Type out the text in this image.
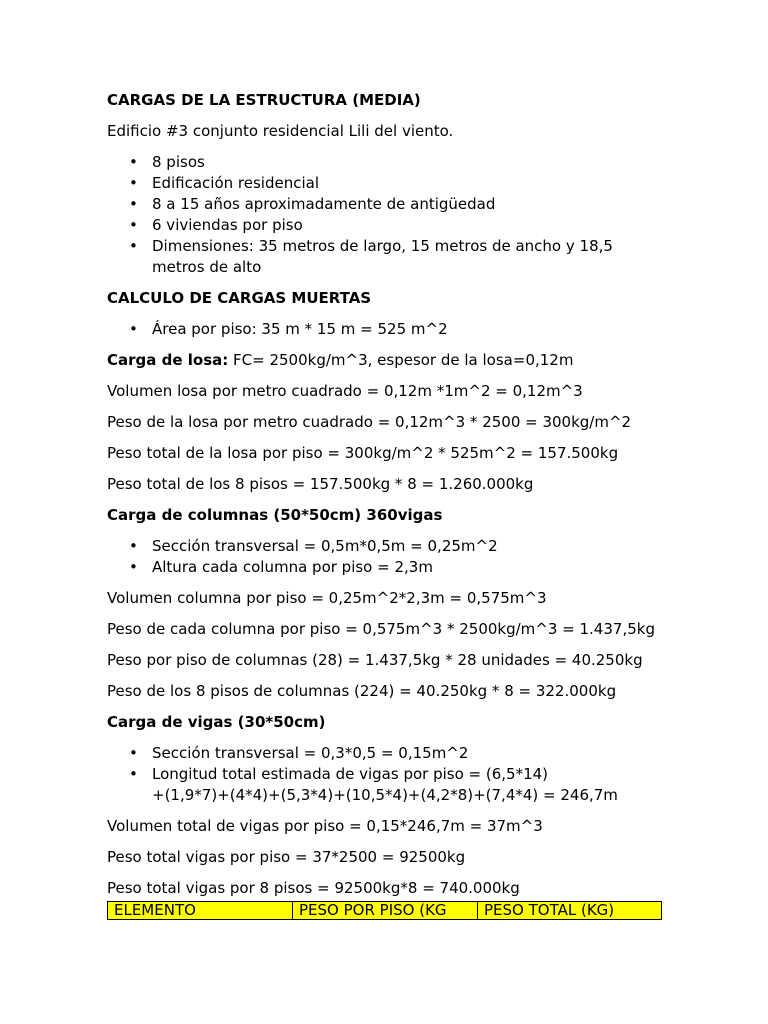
CARGAS DE LA ESTRUCTURA (MEDIA)

Edificio #3 conjunto residencial Lili del viento.

• 8 pisos
• Edificación residencial
• 8 a 15 años aproximadamente de antigüedad
• 6 viviendas por piso
• Dimensiones: 35 metros de largo, 15 metros de ancho y 18,5
metros de alto

CALCULO DE CARGAS MUERTAS

• Área por piso: 35 m * 15 m = 525 m^2

Carga de losa: FC= 2500kg/m^3, espesor de la losa=0,12m

Volumen losa por metro cuadrado = 0,12m *1m^2 = 0,12m^3

Peso de la losa por metro cuadrado = 0,12m^3 * 2500 = 300kg/m^2

Peso total de la losa por piso = 300kg/m^2 * 525m^2 = 157.500kg

Peso total de los 8 pisos = 157.500kg * 8 = 1.260.000kg

Carga de columnas (50*50cm) 360vigas

• Sección transversal = 0,5m*0,5m = 0,25m^2
• Altura cada columna por piso = 2,3m

Volumen columna por piso = 0,25m^2*2,3m = 0,575m^3

Peso de cada columna por piso = 0,575m^3 * 2500kg/m^3 = 1.437,5kg

Peso por piso de columnas (28) = 1.437,5kg * 28 unidades = 40.250kg

Peso de los 8 pisos de columnas (224) = 40.250kg * 8 = 322.000kg

Carga de vigas (30*50cm)

• Sección transversal = 0,3*0,5 = 0,15m^2
• Longitud total estimada de vigas por piso = (6,5*14)
+(1,9*7)+(4*4)+(5,3*4)+(10,5*4)+(4,2*8)+(7,4*4) = 246,7m

Volumen total de vigas por piso = 0,15*246,7m = 37m^3

Peso total vigas por piso = 37*2500 = 92500kg

Peso total vigas por 8 pisos = 92500kg*8 = 740.000kg

ELEMENTO	PESO POR PISO (KG	PESO TOTAL (KG)
